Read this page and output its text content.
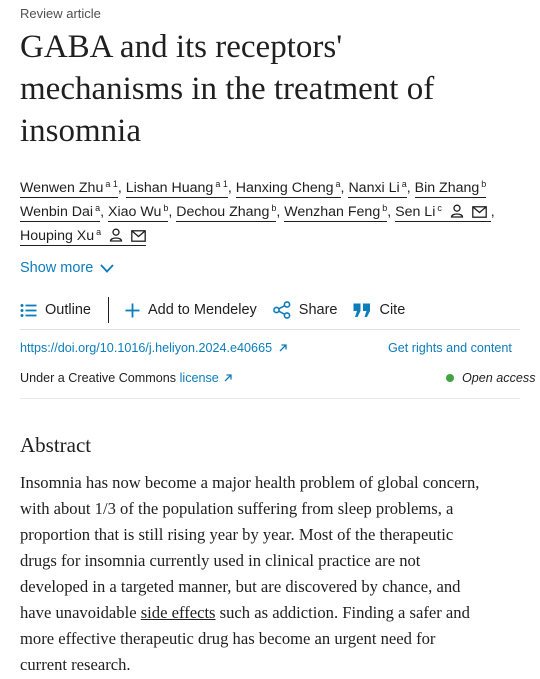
Review article
GABA and its receptors'
mechanisms in the treatment of
insomnia
Wenwen Zhu $^{a 1}$, Lishan Huang $^{a 1}$, Hanxing Cheng $^a$, Nanxi Li $^a$, Bin Zhang $^b$
Wenbin Dai $^a$, Xiao Wu $^b$, Dechou Zhang $^b$, Wenzhan Feng $^b$, Sen Li $^c$
	,
Houping Xu $^a$

Show more
Outline	Add to Mendeley	Share	Cite
https://doi.org/10.1016/j.heliyon.2024.e40665	Get rights and content
Under a Creative Commons license	Open access
Abstract

Insomnia has now become a major health problem of global concern,
with about 1/3 of the population suffering from sleep problems, a
proportion that is still rising year by year. Most of the therapeutic
drugs for insomnia currently used in clinical practice are not
developed in a targeted manner, but are discovered by chance, and
have unavoidable side effects such as addiction. Finding a safer and
more effective therapeutic drug has become an urgent need for
current research.
